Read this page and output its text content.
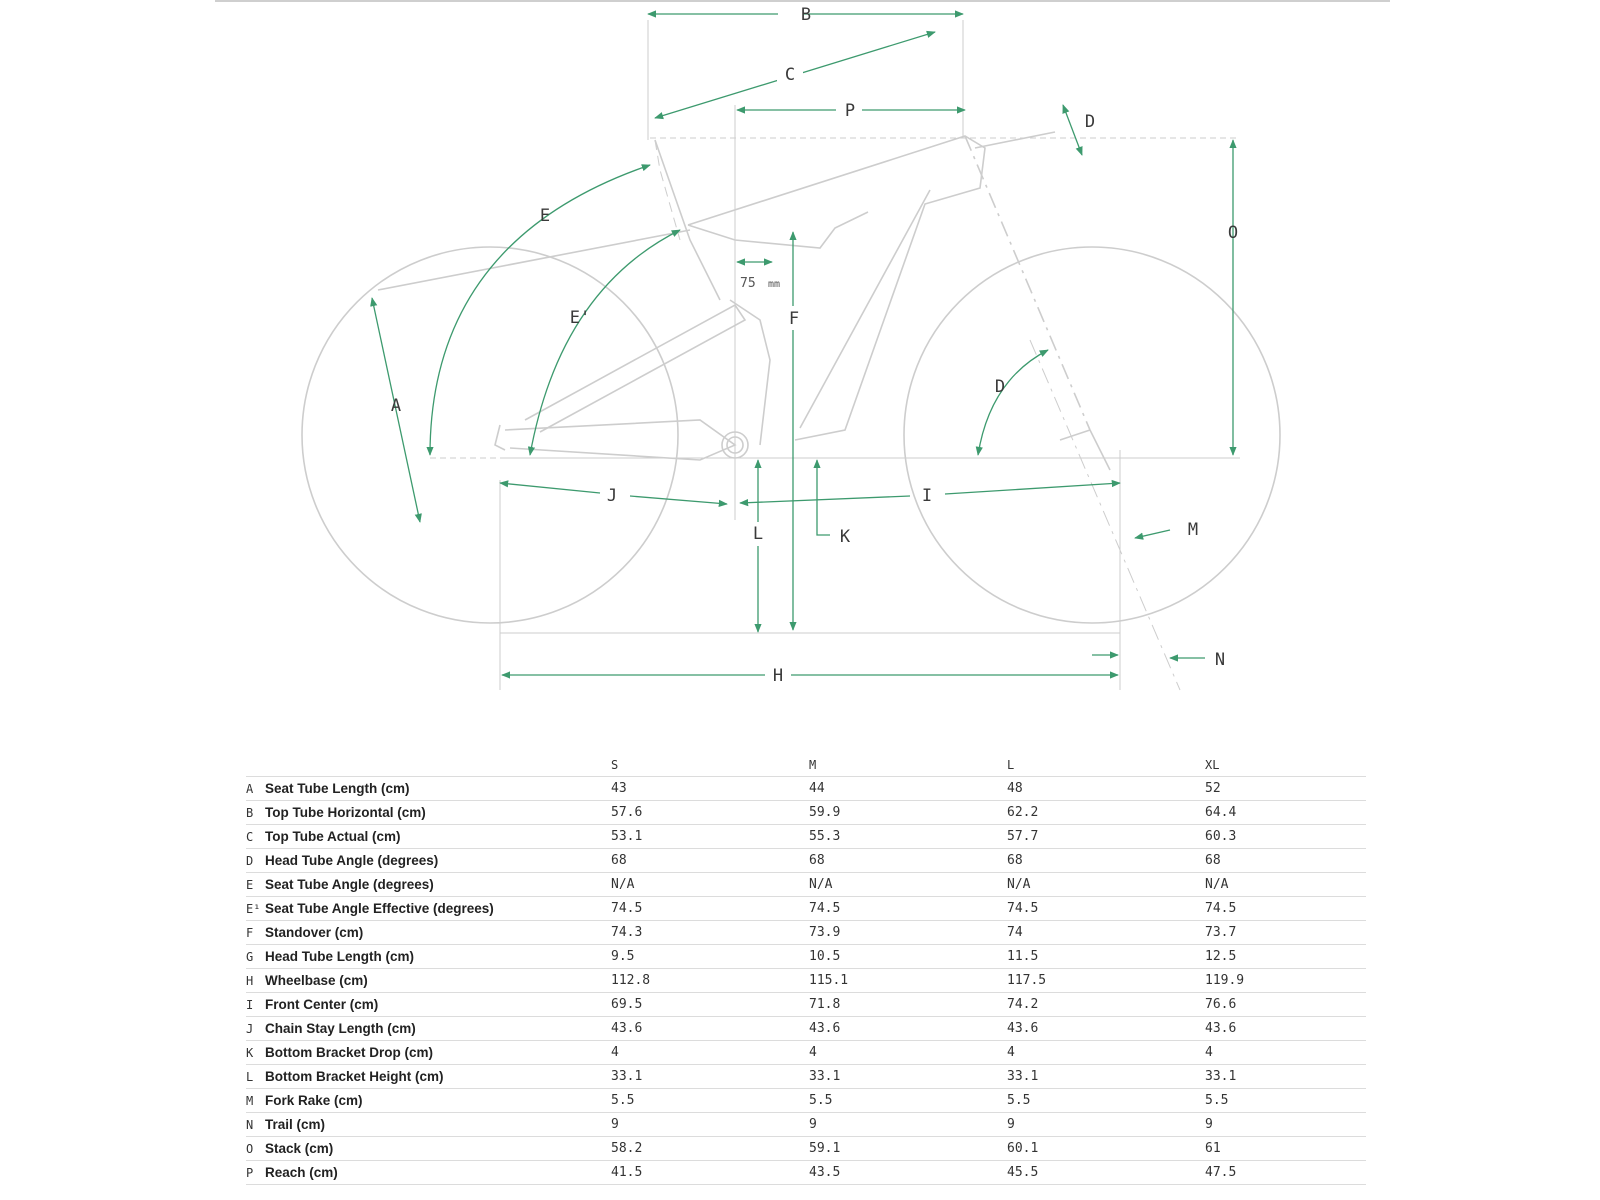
B
C
P
D
O
E
E'
A
75 mm
F
D
J	I
L	K	M
N
H
S	M	L	XL
A Seat Tube Length (cm)	43	44	48	52
B Top Tube Horizontal (cm)	57.6	59.9	62.2	64.4
C Top Tube Actual (cm)	53.1	55.3	57.7	60.3
D Head Tube Angle (degrees)	68	68	68	68
E Seat Tube Angle (degrees)	N/A	N/A	N/A	N/A
E¹ Seat Tube Angle Effective (degrees)	74.5	74.5	74.5	74.5
F Standover (cm)	74.3	73.9	74	73.7
G Head Tube Length (cm)	9.5	10.5	11.5	12.5
H Wheelbase (cm)	112.8	115.1	117.5	119.9
I Front Center (cm)	69.5	71.8	74.2	76.6
J Chain Stay Length (cm)	43.6	43.6	43.6	43.6
K Bottom Bracket Drop (cm)	4	4	4	4
L Bottom Bracket Height (cm)	33.1	33.1	33.1	33.1
M Fork Rake (cm)	5.5	5.5	5.5	5.5
N Trail (cm)	9	9	9	9
O Stack (cm)	58.2	59.1	60.1	61
P Reach (cm)	41.5	43.5	45.5	47.5
